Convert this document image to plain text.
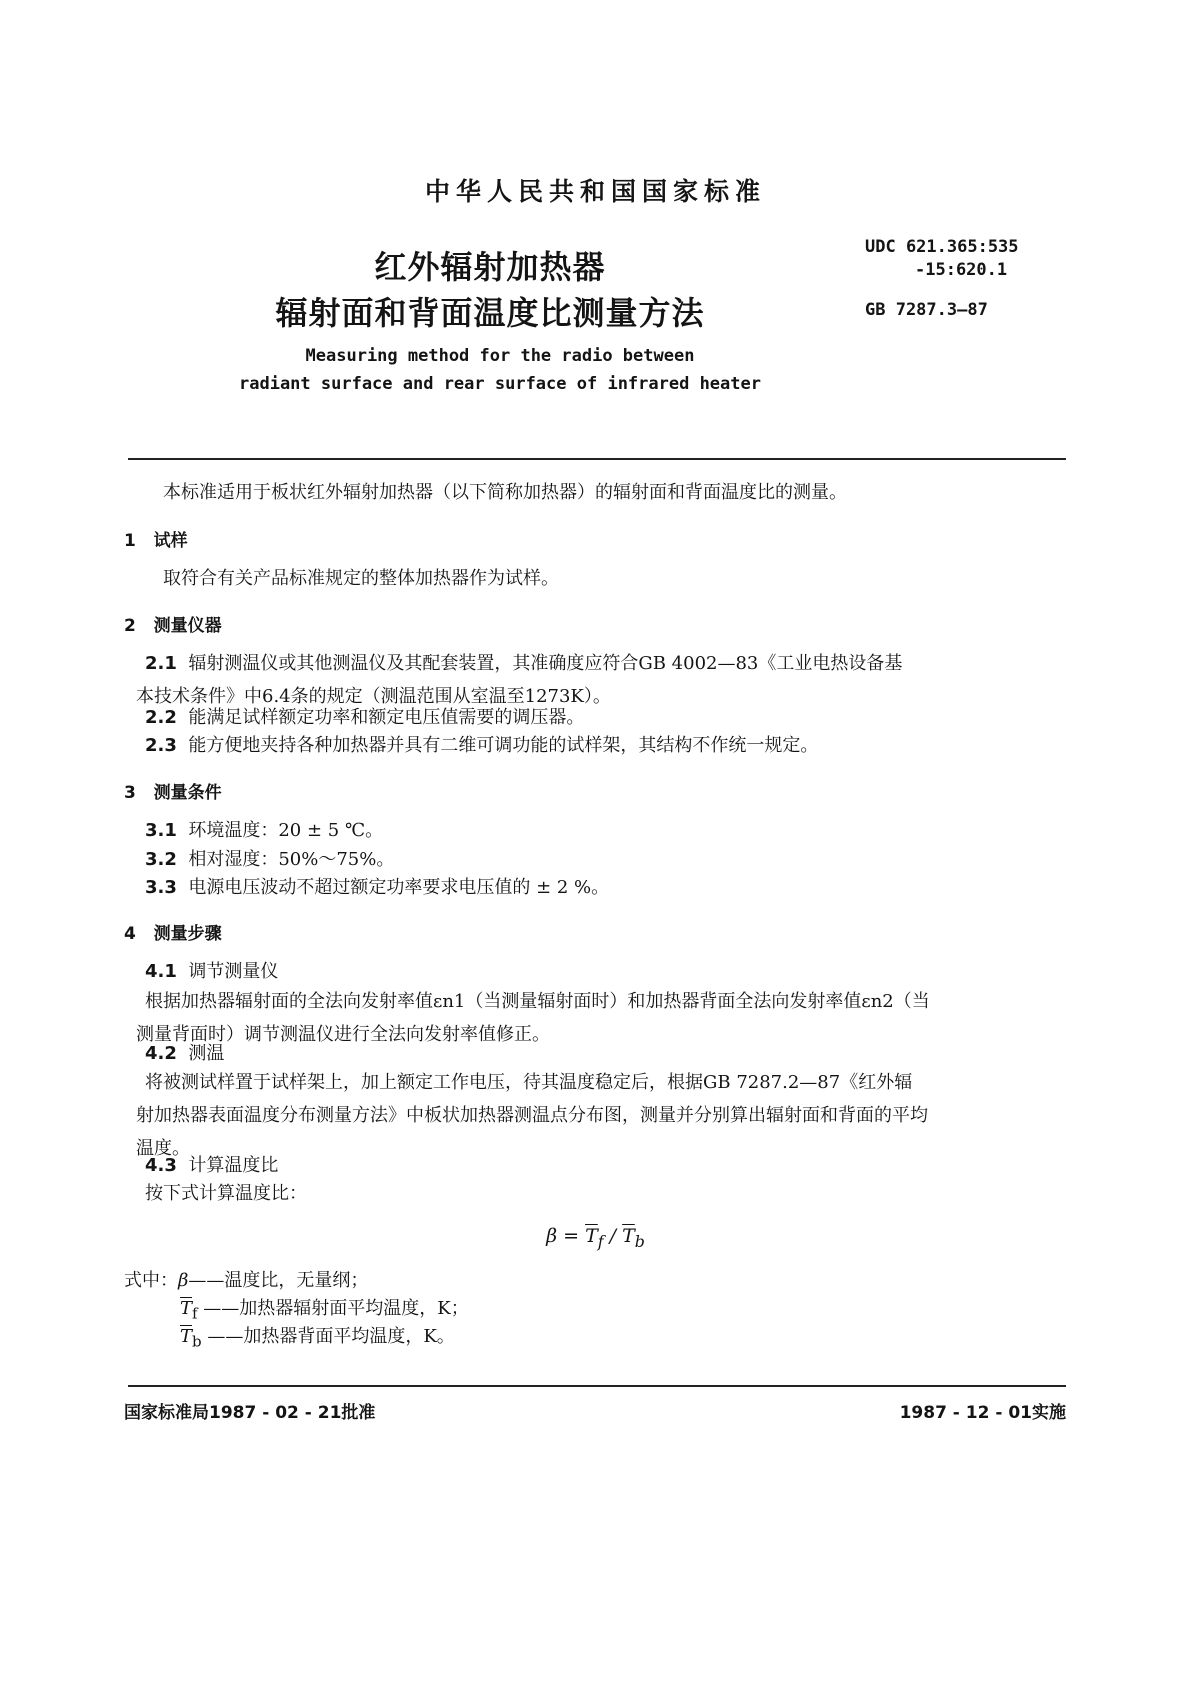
中华人民共和国国家标准
红外辐射加热器
辐射面和背面温度比测量方法
UDC 621.365:535
-15:620.1
GB 7287.3—87
Measuring method for the radio between
radiant surface and rear surface of infrared heater
本标准适用于板状红外辐射加热器（以下简称加热器）的辐射面和背面温度比的测量。
1 试样
取符合有关产品标准规定的整体加热器作为试样。
2 测量仪器
2.1 辐射测温仪或其他测温仪及其配套装置，其准确度应符合GB 4002—83《工业电热设备基
本技术条件》中6.4条的规定（测温范围从室温至1273K）。
2.2 能满足试样额定功率和额定电压值需要的调压器。
2.3 能方便地夹持各种加热器并具有二维可调功能的试样架，其结构不作统一规定。
3 测量条件
3.1 环境温度：20 ± 5 ℃。
3.2 相对湿度：50%～75%。
3.3 电源电压波动不超过额定功率要求电压值的 ± 2 %。
4 测量步骤
4.1 调节测量仪
根据加热器辐射面的全法向发射率值εn1（当测量辐射面时）和加热器背面全法向发射率值εn2（当
测量背面时）调节测温仪进行全法向发射率值修正。
4.2 测温
将被测试样置于试样架上，加上额定工作电压，待其温度稳定后，根据GB 7287.2—87《红外辐
射加热器表面温度分布测量方法》中板状加热器测温点分布图，测量并分别算出辐射面和背面的平均
温度。
4.3 计算温度比
按下式计算温度比：
$\beta = \overline{T}_f / \overline{T}_b$
式中：β——温度比，无量纲；
$\overline{T}_f$ ——加热器辐射面平均温度，K；
$\overline{T}_b$ ——加热器背面平均温度，K。
国家标准局1987 - 02 - 21批准	1987 - 12 - 01实施
